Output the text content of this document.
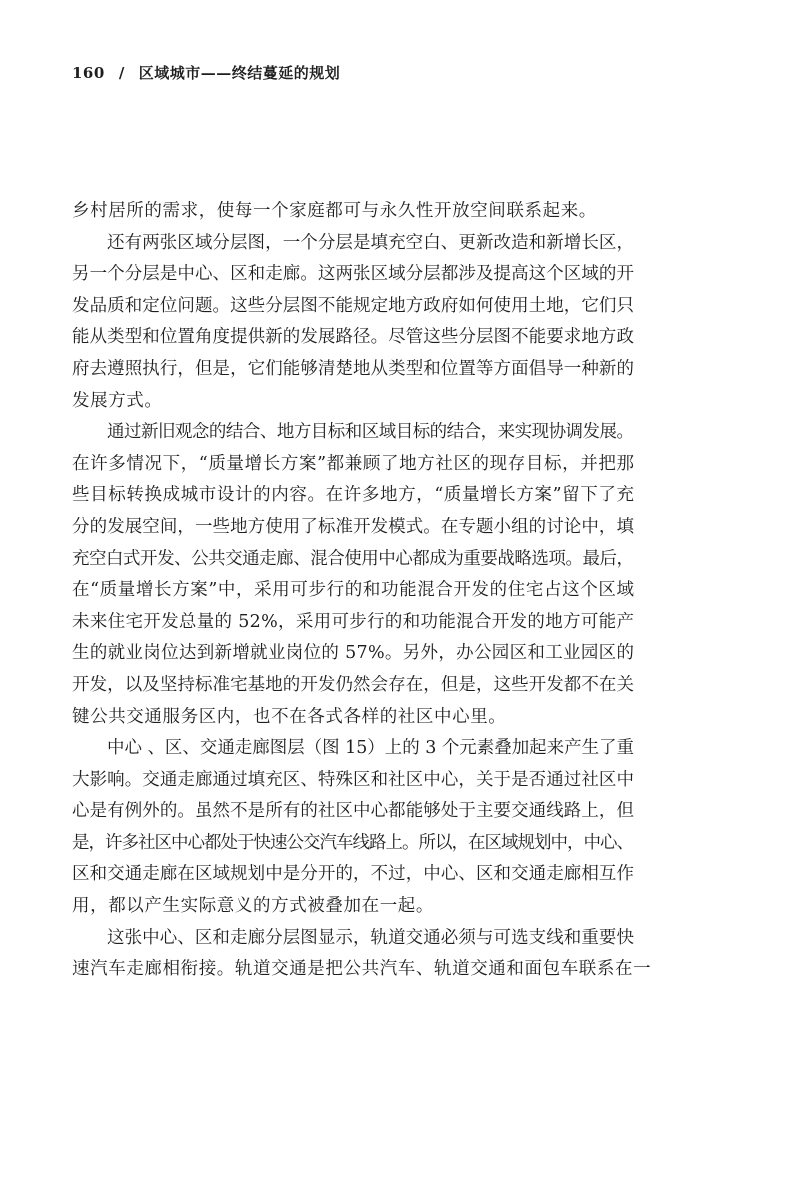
160 / 区域城市——终结蔓延的规划
乡村居所的需求，使每一个家庭都可与永久性开放空间联系起来。
还有两张区域分层图，一个分层是填充空白、更新改造和新增长区，
另一个分层是中心、区和走廊。这两张区域分层都涉及提高这个区域的开
发品质和定位问题。这些分层图不能规定地方政府如何使用土地，它们只
能从类型和位置角度提供新的发展路径。尽管这些分层图不能要求地方政
府去遵照执行，但是，它们能够清楚地从类型和位置等方面倡导一种新的
发展方式。
通过新旧观念的结合、地方目标和区域目标的结合，来实现协调发展。
在许多情况下，“质量增长方案”都兼顾了地方社区的现存目标，并把那
些目标转换成城市设计的内容。在许多地方，“质量增长方案”留下了充
分的发展空间，一些地方使用了标准开发模式。在专题小组的讨论中，填
充空白式开发、公共交通走廊、混合使用中心都成为重要战略选项。最后，
在“质量增长方案”中，采用可步行的和功能混合开发的住宅占这个区域
未来住宅开发总量的 52%，采用可步行的和功能混合开发的地方可能产
生的就业岗位达到新增就业岗位的 57%。另外，办公园区和工业园区的
开发，以及坚持标准宅基地的开发仍然会存在，但是，这些开发都不在关
键公共交通服务区内，也不在各式各样的社区中心里。
中心 、区、交通走廊图层（图 15）上的 3 个元素叠加起来产生了重
大影响。交通走廊通过填充区、特殊区和社区中心，关于是否通过社区中
心是有例外的。虽然不是所有的社区中心都能够处于主要交通线路上，但
是，许多社区中心都处于快速公交汽车线路上。所以，在区域规划中，中心、
区和交通走廊在区域规划中是分开的，不过，中心、区和交通走廊相互作
用，都以产生实际意义的方式被叠加在一起。
这张中心、区和走廊分层图显示，轨道交通必须与可选支线和重要快
速汽车走廊相衔接。轨道交通是把公共汽车、轨道交通和面包车联系在一
